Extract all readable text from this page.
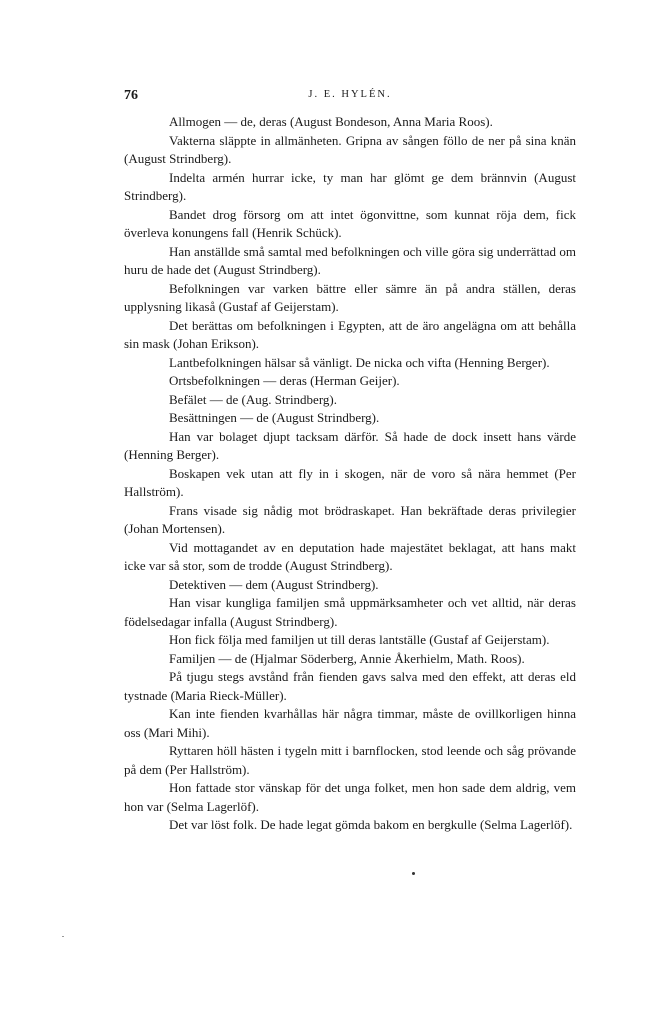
76	J. E. HYLÉN.

Allmogen — de, deras (August Bondeson, Anna Maria Roos).

Vakterna släppte in allmänheten. Gripna av sången föllo de ner på sina knän (August Strindberg).

Indelta armén hurrar icke, ty man har glömt ge dem brännvin (August Strindberg).

Bandet drog försorg om att intet ögonvittne, som kunnat röja dem, fick överleva konungens fall (Henrik Schück).

Han anställde små samtal med befolkningen och ville göra sig underrättad om huru de hade det (August Strindberg).

Befolkningen var varken bättre eller sämre än på andra ställen, deras upplysning likaså (Gustaf af Geijerstam).

Det berättas om befolkningen i Egypten, att de äro angelägna om att behålla sin mask (Johan Erikson).

Lantbefolkningen hälsar så vänligt. De nicka och vifta (Henning Berger).

Ortsbefolkningen — deras (Herman Geijer).

Befälet — de (Aug. Strindberg).

Besättningen — de (August Strindberg).

Han var bolaget djupt tacksam därför. Så hade de dock insett hans värde (Henning Berger).

Boskapen vek utan att fly in i skogen, när de voro så nära hemmet (Per Hallström).

Frans visade sig nådig mot brödraskapet. Han bekräftade deras privilegier (Johan Mortensen).

Vid mottagandet av en deputation hade majestätet beklagat, att hans makt icke var så stor, som de trodde (August Strindberg).

Detektiven — dem (August Strindberg).

Han visar kungliga familjen små uppmärksamheter och vet alltid, när deras födelsedagar infalla (August Strindberg).

Hon fick följa med familjen ut till deras lantställe (Gustaf af Geijerstam).

Familjen — de (Hjalmar Söderberg, Annie Åkerhielm, Math. Roos).

På tjugu stegs avstånd från fienden gavs salva med den effekt, att deras eld tystnade (Maria Rieck-Müller).

Kan inte fienden kvarhållas här några timmar, måste de ovillkorligen hinna oss (Mari Mihi).

Ryttaren höll hästen i tygeln mitt i barnflocken, stod leende och såg prövande på dem (Per Hallström).

Hon fattade stor vänskap för det unga folket, men hon sade dem aldrig, vem hon var (Selma Lagerlöf).

Det var löst folk. De hade legat gömda bakom en bergkulle (Selma Lagerlöf).
